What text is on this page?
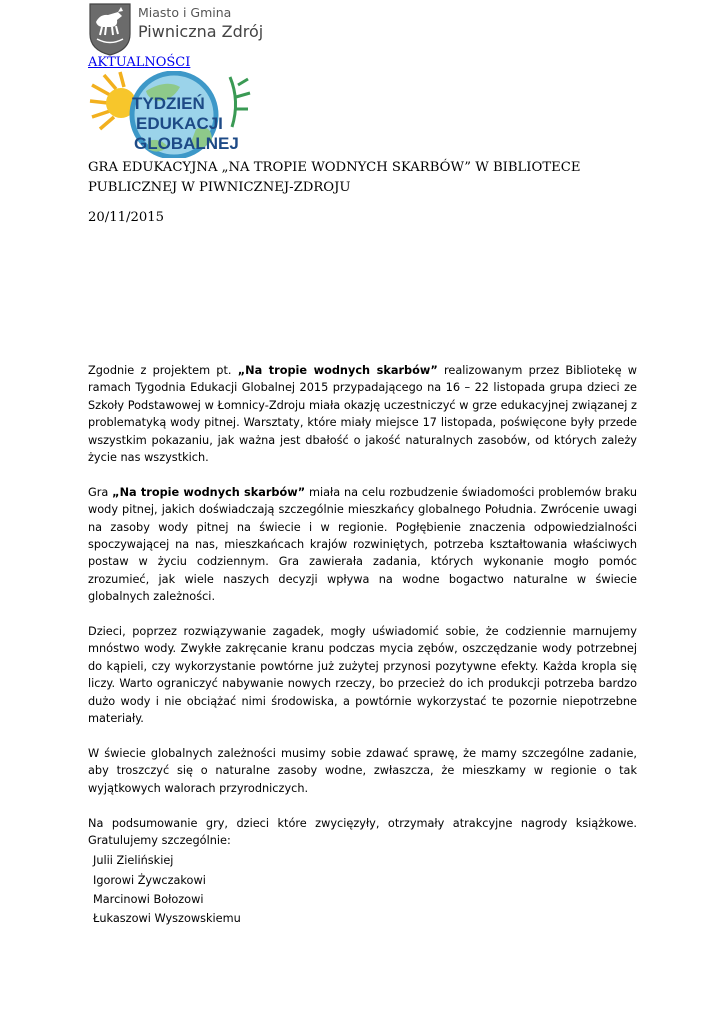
Miasto i Gmina
Piwniczna Zdrój
AKTUALNOŚCI
TYDZIEŃ
EDUKACJI
GLOBALNEJ
GRA EDUKACYJNA „NA TROPIE WODNYCH SKARBÓW” W BIBLIOTECE PUBLICZNEJ W PIWNICZNEJ-ZDROJU
20/11/2015

Zgodnie z projektem pt. „Na tropie wodnych skarbów” realizowanym przez Bibliotekę w ramach Tygodnia Edukacji Globalnej 2015 przypadającego na 16 – 22 listopada grupa dzieci ze Szkoły Podstawowej w Łomnicy-Zdroju miała okazję uczestniczyć w grze edukacyjnej związanej z problematyką wody pitnej. Warsztaty, które miały miejsce 17 listopada, poświęcone były przede wszystkim pokazaniu, jak ważna jest dbałość o jakość naturalnych zasobów, od których zależy życie nas wszystkich.

Gra „Na tropie wodnych skarbów” miała na celu rozbudzenie świadomości problemów braku wody pitnej, jakich doświadczają szczególnie mieszkańcy globalnego Południa. Zwrócenie uwagi na zasoby wody pitnej na świecie i w regionie. Pogłębienie znaczenia odpowiedzialności spoczywającej na nas, mieszkańcach krajów rozwiniętych, potrzeba kształtowania właściwych postaw w życiu codziennym. Gra zawierała zadania, których wykonanie mogło pomóc zrozumieć, jak wiele naszych decyzji wpływa na wodne bogactwo naturalne w świecie globalnych zależności.

Dzieci, poprzez rozwiązywanie zagadek, mogły uświadomić sobie, że codziennie marnujemy mnóstwo wody. Zwykłe zakręcanie kranu podczas mycia zębów, oszczędzanie wody potrzebnej do kąpieli, czy wykorzystanie powtórne już zużytej przynosi pozytywne efekty. Każda kropla się liczy. Warto ograniczyć nabywanie nowych rzeczy, bo przecież do ich produkcji potrzeba bardzo dużo wody i nie obciążać nimi środowiska, a powtórnie wykorzystać te pozornie niepotrzebne materiały.

W świecie globalnych zależności musimy sobie zdawać sprawę, że mamy szczególne zadanie, aby troszczyć się o naturalne zasoby wodne, zwłaszcza, że mieszkamy w regionie o tak wyjątkowych walorach przyrodniczych.

Na podsumowanie gry, dzieci które zwycięzyły, otrzymały atrakcyjne nagrody książkowe. Gratulujemy szczególnie:

Julii Zielińskiej
Igorowi Żywczakowi
Marcinowi Bołozowi
Łukaszowi Wyszowskiemu
